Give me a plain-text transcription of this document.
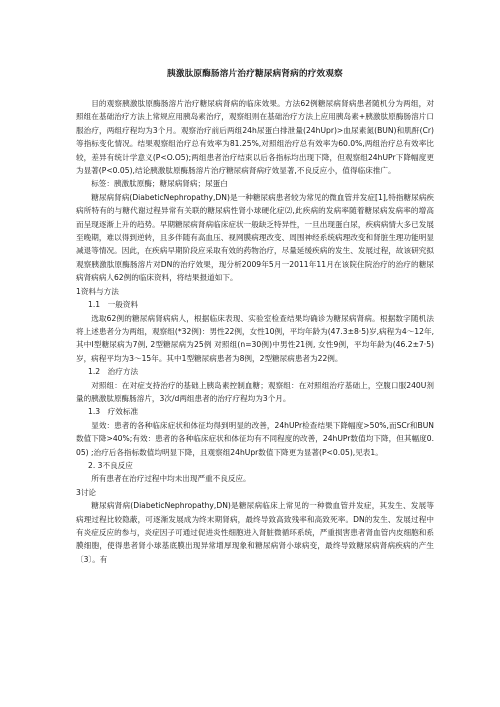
胰激肽原酶肠溶片治疗糖尿病肾病的疗效观察

目的观察胰激肽原酶肠溶片治疗糖尿病肾病的临床效果。方法62例糖尿病肾病患者随机分为两组，对照组在基础治疗方法上常规应用胰岛素治疗，观察组则在基础治疗方法上应用胰岛素+胰激肽原酶肠溶片口服治疗，两组疗程均为3个月。观察治疗前后两组24h尿蛋白排泄量(24hUpr)>血尿素氮(BUN)和肌酐(Cr)等指标变化情况。结果观察组治疗总有效率为81.25%,对照组治疗总有效率为60.0%,两组治疗总有效率比较，差异有统计学意义(P<O.O5);两组患者治疗结束以后各指标均出现下降，但观察组24hUPr下降幅度更为显著(P<0.05),结论胰激肽原酶肠溶片治疗糖尿病肾病疗效显著,不良反应小，值得临床推广。

标签：胰激肽原酶；糖尿病肾病；尿蛋白

糖尿病肾病(DiabeticNephropathy,DN)是一种糖尿病患者较为常见的微血管并发症[1],特指糖尿病疾病所特有的与糖代谢过程异常有关联的糖尿病性肾小球硬化症⑵,此疾病的发病率随着糖尿病发病率的增高而呈现逐渐上升的趋势。早期糖尿病肾病临床症状一般缺乏特异性，一旦出现蛋白尿，疾病病情大多已发展至晚期，难以得到逆转，且多伴随有高血压、视网膜病理改变、周围神经系统病理改变和肾脏生理功能明显减退等情况。因此，在疾病早期阶段应采取有效的药物治疗，尽量延缓疾病的发生、发展过程，故该研究拟观察胰激肽原酶肠溶片对DN的治疗效果，现分析2009年5月一2011年11月在该院住院治疗的治疗的糖尿病肾病病人62例的临床资料，将结果报道如下。

1资料与方法

1.1　一般资料

选取62例的糖尿病肾病病人，根据临床表现、实验室检查结果均确诊为糖尿病肾病。根据数字随机法将上述患者分为两组，观察组(*32例)：男性22例，女性10例，平均年龄为(47.3±8·5)岁,病程为4～12年,其中I型糖尿病为7例, 2型糖尿病为25例 对照组(n=30例)中男性21例, 女性9例，平均年龄为(46.2±7·5)岁，病程平均为3～15年。其中1型糖尿病患者为8例，2型糖尿病患者为22例。

1.2　治疗方法

对照组：在对症支持治疗的基础上胰岛素控制血糖；观察组：在对照组治疗基础上，空腹口服240U剂量的胰激肽原酶肠溶片，3次/d两组患者的治疗疗程均为3个月。

1.3　疗效标准

显效：患者的各种临床症状和体征均得到明显的改善，24hUPr检查结果下降幅度>50%,而SCr和BUN数值下降>40%;有效：患者的各种临床症状和体征均有不同程度的改善，24hUPr数值均下降，但其幅度0.05) ;治疗后各指标数值均明显下降，且观察组24hUpr数值下降更为显著(P<0.05),见表1。

2. 3不良反应

所有患者在治疗过程中均未出现严重不良反应。

3讨论

糖尿病肾病(DiabeticNephropathy,DN)是糖尿病临床上常见的一种微血管并发症，其发生、发展等病理过程比较隐蔽，可逐渐发展成为终末期肾病，最终导致高致残率和高致死率。DN的发生、发展过程中有炎症反应的参与，炎症因子可通过促进炎性细胞进入肾脏微循环系统，严重损害患者肾血管内皮细胞和系膜细胞，使得患者肾小球基底膜出现异常增厚现象和糖尿病肾小球病变，最终导致糖尿病肾病疾病的产生〔3〕。有
